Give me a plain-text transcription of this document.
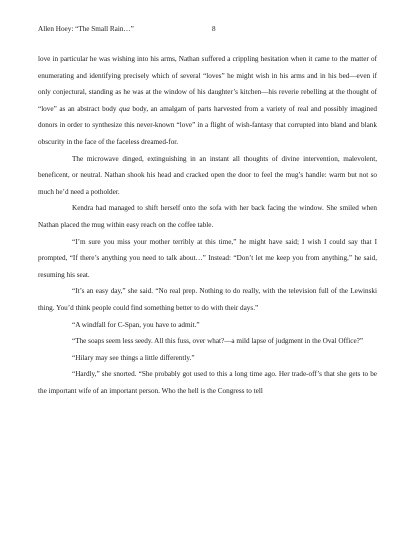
Allen Hoey: “The Small Rain…”	8

love in particular he was wishing into his arms, Nathan suffered a crippling hesitation when it came to the matter of enumerating and identifying precisely which of several “loves” he might wish in his arms and in his bed—even if only conjectural, standing as he was at the window of his daughter’s kitchen—his reverie rebelling at the thought of “love” as an abstract body qua body, an amalgam of parts harvested from a variety of real and possibly imagined donors in order to synthesize this never-known “love” in a flight of wish-fantasy that corrupted into bland and blank obscurity in the face of the faceless dreamed-for.

The microwave dinged, extinguishing in an instant all thoughts of divine intervention, malevolent, beneficent, or neutral. Nathan shook his head and cracked open the door to feel the mug’s handle: warm but not so much he’d need a potholder.

Kendra had managed to shift herself onto the sofa with her back facing the window. She smiled when Nathan placed the mug within easy reach on the coffee table.

“I’m sure you miss your mother terribly at this time,” he might have said; I wish I could say that I prompted, “If there’s anything you need to talk about…” Instead: “Don’t let me keep you from anything,” he said, resuming his seat.

“It’s an easy day,” she said. “No real prep. Nothing to do really, with the television full of the Lewinski thing. You’d think people could find something better to do with their days.”

“A windfall for C-Span, you have to admit.”

“The soaps seem less seedy. All this fuss, over what?—a mild lapse of judgment in the Oval Office?”

“Hilary may see things a little differently.”

“Hardly,” she snorted. “She probably got used to this a long time ago. Her trade-off’s that she gets to be the important wife of an important person. Who the hell is the Congress to tell
